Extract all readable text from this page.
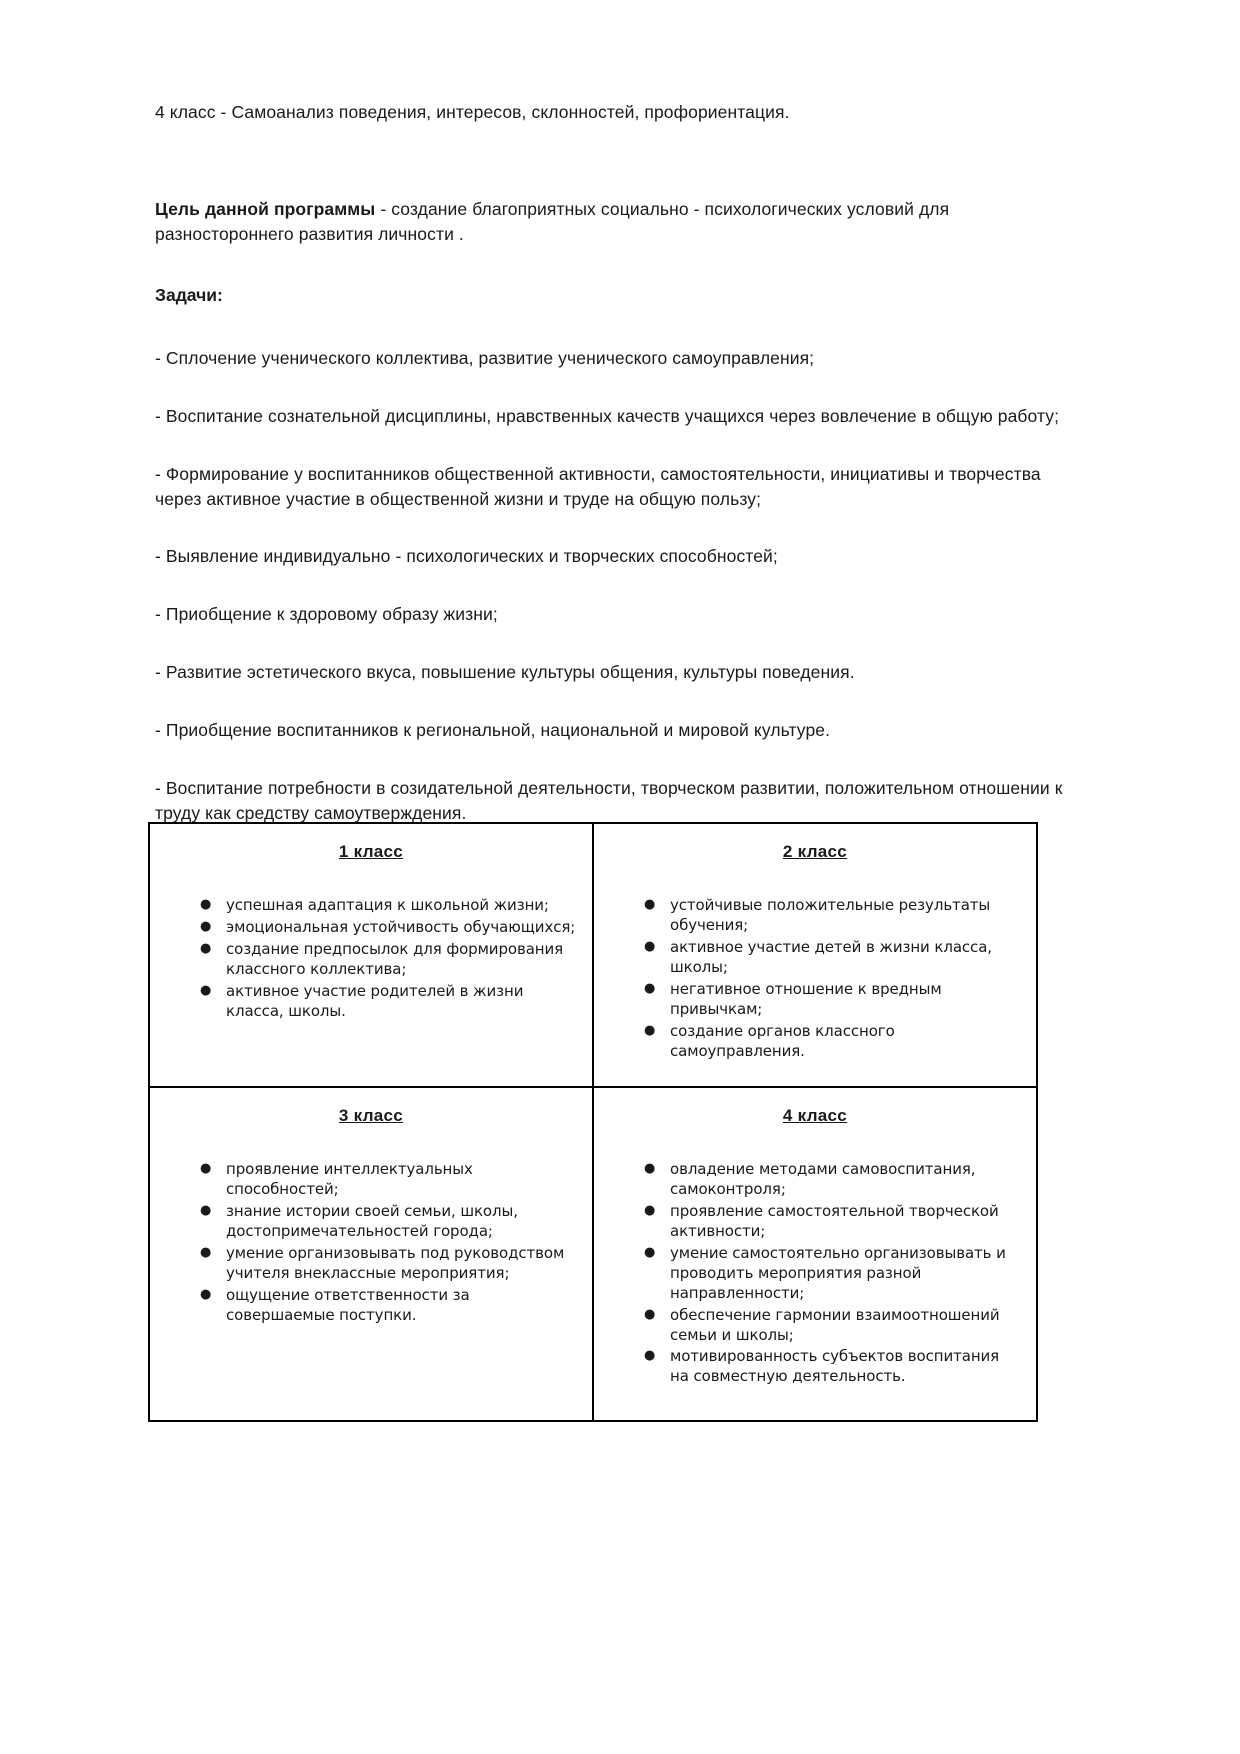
4 класс - Самоанализ поведения, интересов, склонностей, профориентация.

Цель данной программы - создание благоприятных социально - психологических условий для разностороннего развития личности .

Задачи:

- Сплочение ученического коллектива, развитие ученического самоуправления;
- Воспитание сознательной дисциплины, нравственных качеств учащихся через вовлечение в общую работу;
- Формирование у воспитанников общественной активности, самостоятельности, инициативы и творчества через активное участие в общественной жизни и труде на общую пользу;
- Выявление индивидуально - психологических и творческих способностей;
- Приобщение к здоровому образу жизни;
- Развитие эстетического вкуса, повышение культуры общения, культуры поведения.
- Приобщение воспитанников к региональной, национальной и мировой культуре.
- Воспитание потребности в созидательной деятельности, творческом развитии, положительном отношении к труду как средству самоутверждения.

1 класс

● успешная адаптация к школьной жизни;
● эмоциональная устойчивость обучающихся;
● создание предпосылок для формирования классного коллектива;
● активное участие родителей в жизни класса, школы.

2 класс

● устойчивые положительные результаты обучения;
● активное участие детей в жизни класса, школы;
● негативное отношение к вредным привычкам;
● создание органов классного самоуправления.

3 класс

● проявление интеллектуальных способностей;
● знание истории своей семьи, школы, достопримечательностей города;
● умение организовывать под руководством учителя внеклассные мероприятия;
● ощущение ответственности за совершаемые поступки.

4 класс

● овладение методами самовоспитания, самоконтроля;
● проявление самостоятельной творческой активности;
● умение самостоятельно организовывать и проводить мероприятия разной направленности;
● обеспечение гармонии взаимоотношений семьи и школы;
● мотивированность субъектов воспитания на совместную деятельность.
